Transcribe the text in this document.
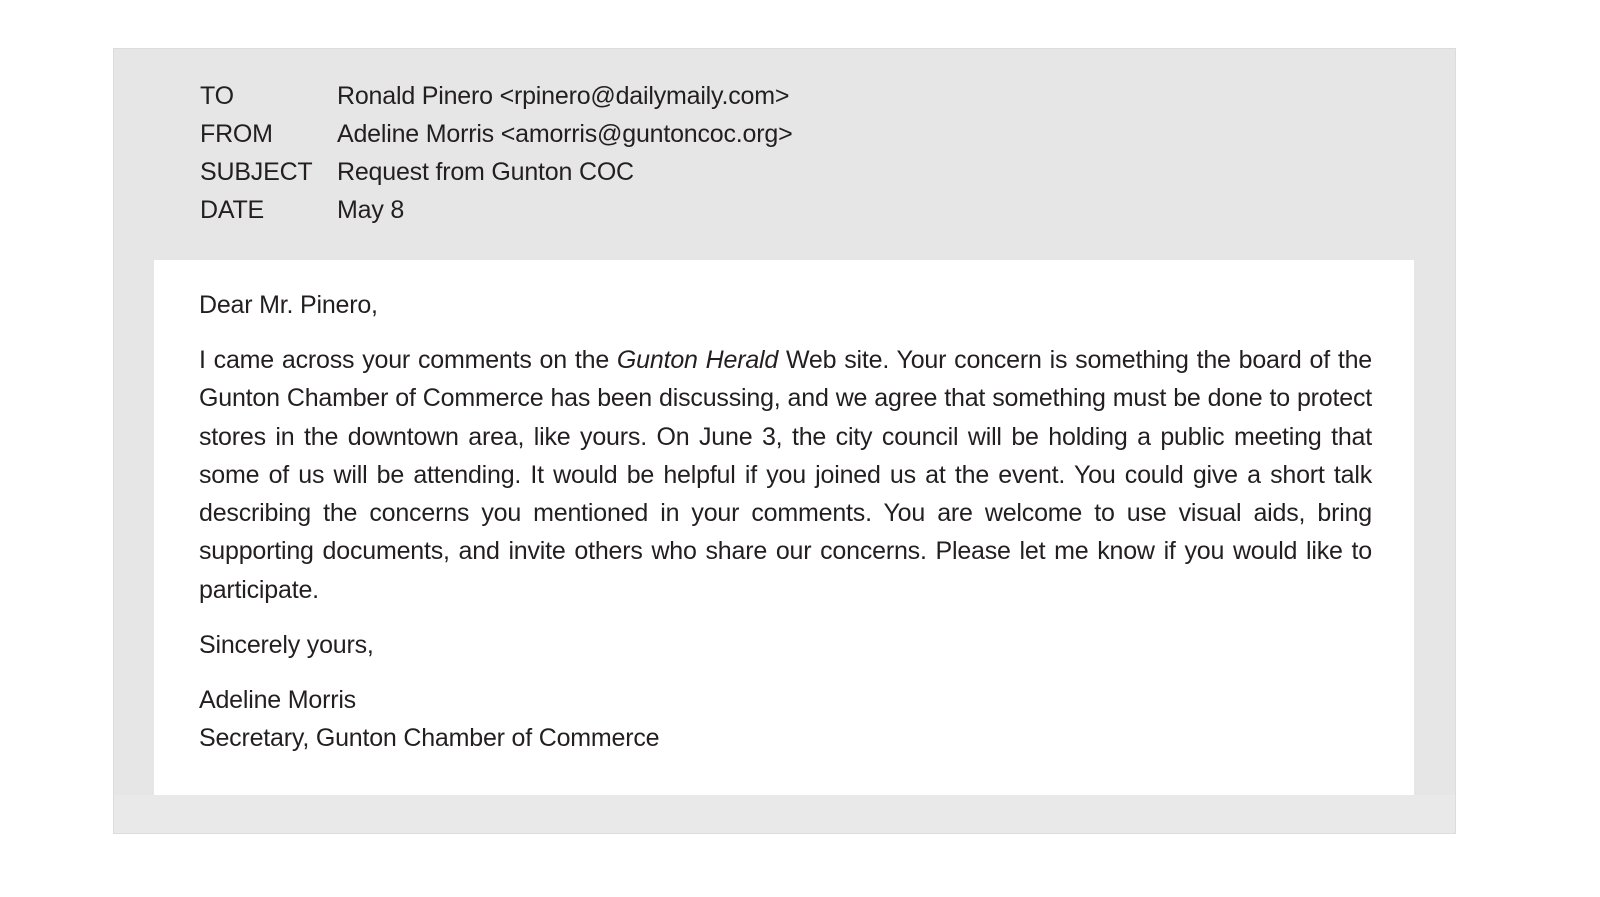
TO	Ronald Pinero <rpinero@dailymaily.com>
FROM	Adeline Morris <amorris@guntoncoc.org>
SUBJECT Request from Gunton COC
DATE	May 8

Dear Mr. Pinero,

I came across your comments on the Gunton Herald Web site. Your concern is something the board of the Gunton Chamber of Commerce has been discussing, and we agree that something must be done to protect stores in the downtown area, like yours. On June 3, the city council will be holding a public meeting that some of us will be attending. It would be helpful if you joined us at the event. You could give a short talk describing the concerns you mentioned in your comments. You are welcome to use visual aids, bring supporting documents, and invite others who share our concerns. Please let me know if you would like to participate.

Sincerely yours,

Adeline Morris

Secretary, Gunton Chamber of Commerce
